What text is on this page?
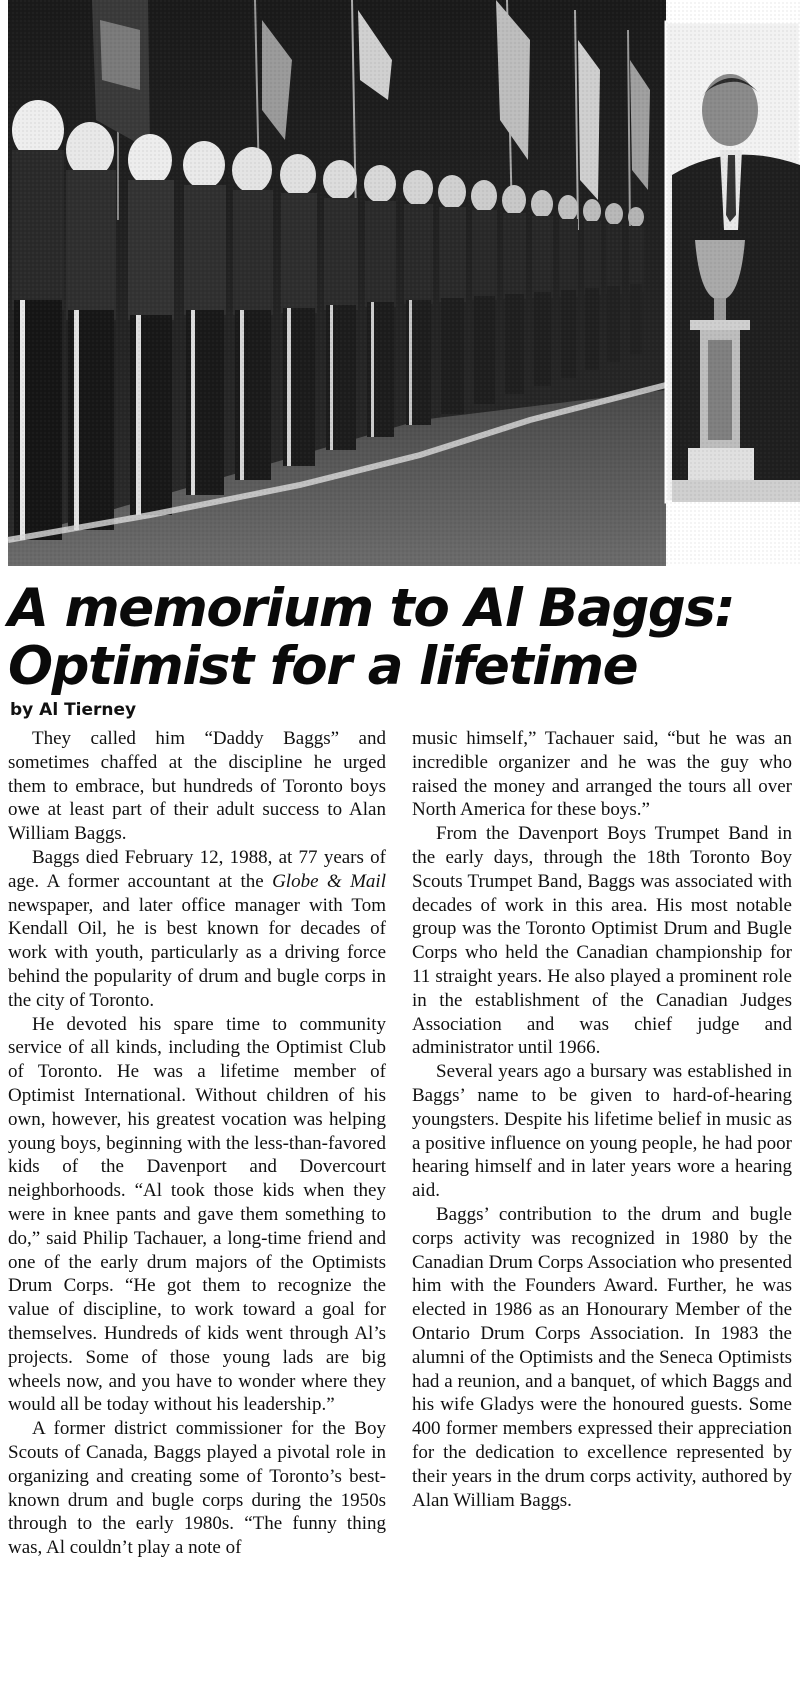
A memorium to Al Baggs:
Optimist for a lifetime
by Al Tierney

They called him “Daddy Baggs” and sometimes chaffed at the discipline he urged them to embrace, but hundreds of Toronto boys owe at least part of their adult success to Alan William Baggs.

Baggs died February 12, 1988, at 77 years of age. A former accountant at the Globe & Mail newspaper, and later office manager with Tom Kendall Oil, he is best known for decades of work with youth, particularly as a driving force behind the popularity of drum and bugle corps in the city of Toronto.

He devoted his spare time to community service of all kinds, including the Optimist Club of Toronto. He was a lifetime member of Optimist International. Without children of his own, however, his greatest vocation was helping young boys, beginning with the less-than-favored kids of the Davenport and Dovercourt neighborhoods. “Al took those kids when they were in knee pants and gave them something to do,” said Philip Tachauer, a long-time friend and one of the early drum majors of the Optimists Drum Corps. “He got them to recognize the value of discipline, to work toward a goal for themselves. Hundreds of kids went through Al’s projects. Some of those young lads are big wheels now, and you have to wonder where they would all be today without his leadership.”

A former district commissioner for the Boy Scouts of Canada, Baggs played a pivotal role in organizing and creating some of Toronto’s best-known drum and bugle corps during the 1950s through to the early 1980s. “The funny thing was, Al couldn’t play a note of

music himself,” Tachauer said, “but he was an incredible organizer and he was the guy who raised the money and arranged the tours all over North America for these boys.”

From the Davenport Boys Trumpet Band in the early days, through the 18th Toronto Boy Scouts Trumpet Band, Baggs was associated with decades of work in this area. His most notable group was the Toronto Optimist Drum and Bugle Corps who held the Canadian championship for 11 straight years. He also played a prominent role in the establishment of the Canadian Judges Association and was chief judge and administrator until 1966.

Several years ago a bursary was established in Baggs’ name to be given to hard-of-hearing youngsters. Despite his lifetime belief in music as a positive influence on young people, he had poor hearing himself and in later years wore a hearing aid.

Baggs’ contribution to the drum and bugle corps activity was recognized in 1980 by the Canadian Drum Corps Association who presented him with the Founders Award. Further, he was elected in 1986 as an Honourary Member of the Ontario Drum Corps Association. In 1983 the alumni of the Optimists and the Seneca Optimists had a reunion, and a banquet, of which Baggs and his wife Gladys were the honoured guests. Some 400 former members expressed their appreciation for the dedication to excellence represented by their years in the drum corps activity, authored by Alan William Baggs.
